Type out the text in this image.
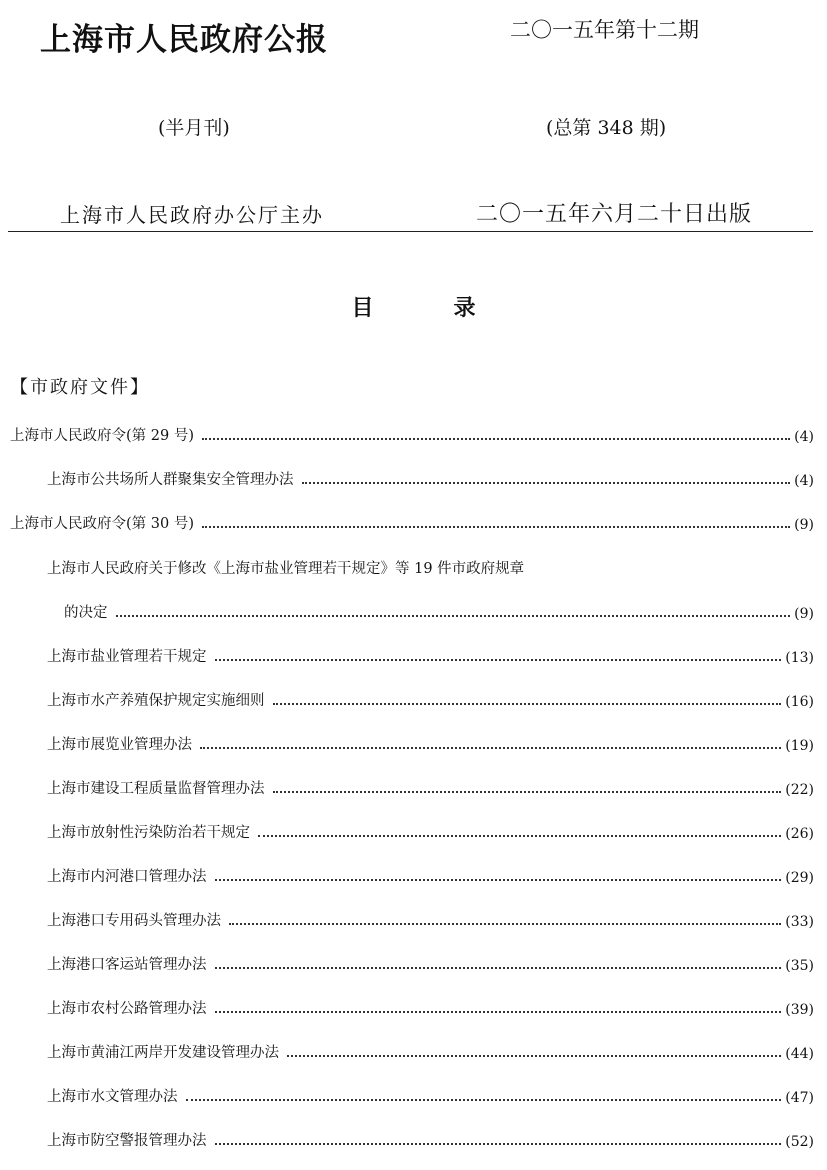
上海市人民政府公报	二〇一五年第十二期
(半月刊)	(总第 348 期)
上海市人民政府办公厅主办	二〇一五年六月二十日出版
目	录
【市政府文件】
上海市人民政府令(第 29 号)	(4)
上海市公共场所人群聚集安全管理办法	(4)
上海市人民政府令(第 30 号)	(9)
上海市人民政府关于修改《上海市盐业管理若干规定》等 19 件市政府规章
的决定	(9)
上海市盐业管理若干规定	(13)
上海市水产养殖保护规定实施细则	(16)
上海市展览业管理办法	(19)
上海市建设工程质量监督管理办法	(22)
上海市放射性污染防治若干规定	(26)
上海市内河港口管理办法	(29)
上海港口专用码头管理办法	(33)
上海港口客运站管理办法	(35)
上海市农村公路管理办法	(39)
上海市黄浦江两岸开发建设管理办法	(44)
上海市水文管理办法	(47)
上海市防空警报管理办法	(52)
